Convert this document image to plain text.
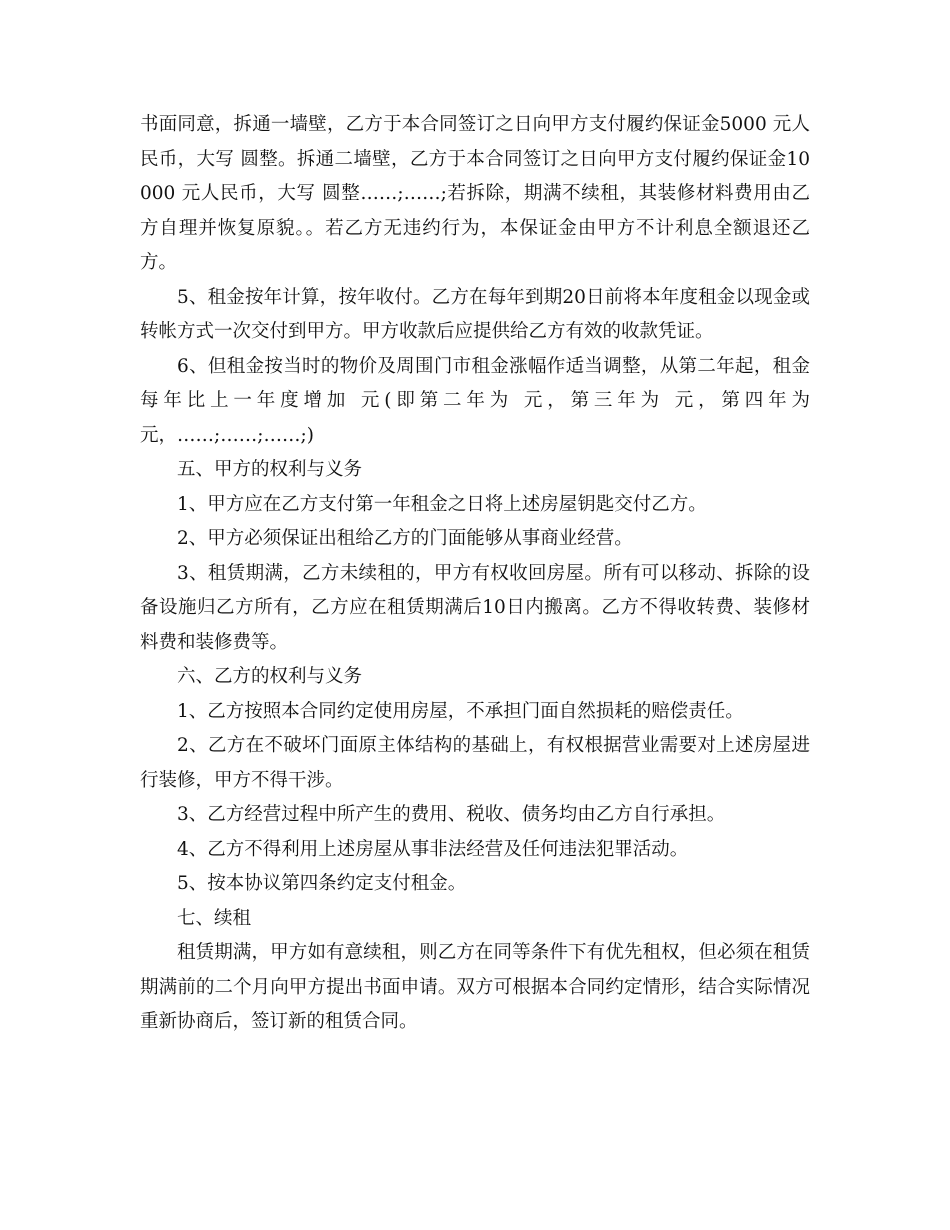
书面同意，拆通一墙壁，乙方于本合同签订之日向甲方支付履约保证金5000 元人民币，大写 圆整。拆通二墙壁，乙方于本合同签订之日向甲方支付履约保证金10000 元人民币，大写 圆整……;……;若拆除，期满不续租，其装修材料费用由乙方自理并恢复原貌。。若乙方无违约行为，本保证金由甲方不计利息全额退还乙方。

5、租金按年计算，按年收付。乙方在每年到期20日前将本年度租金以现金或转帐方式一次交付到甲方。甲方收款后应提供给乙方有效的收款凭证。

6、但租金按当时的物价及周围门市租金涨幅作适当调整，从第二年起，租金每年比上一年度增加 元(即第二年为 元，第三年为 元，第四年为 元，……;……;……;)

五、甲方的权利与义务

1、甲方应在乙方支付第一年租金之日将上述房屋钥匙交付乙方。

2、甲方必须保证出租给乙方的门面能够从事商业经营。

3、租赁期满，乙方未续租的，甲方有权收回房屋。所有可以移动、拆除的设备设施归乙方所有，乙方应在租赁期满后10日内搬离。乙方不得收转费、装修材料费和装修费等。

六、乙方的权利与义务

1、乙方按照本合同约定使用房屋，不承担门面自然损耗的赔偿责任。

2、乙方在不破坏门面原主体结构的基础上，有权根据营业需要对上述房屋进行装修，甲方不得干涉。

3、乙方经营过程中所产生的费用、税收、债务均由乙方自行承担。

4、乙方不得利用上述房屋从事非法经营及任何违法犯罪活动。

5、按本协议第四条约定支付租金。

七、续租

租赁期满，甲方如有意续租，则乙方在同等条件下有优先租权，但必须在租赁期满前的二个月向甲方提出书面申请。双方可根据本合同约定情形，结合实际情况重新协商后，签订新的租赁合同。
